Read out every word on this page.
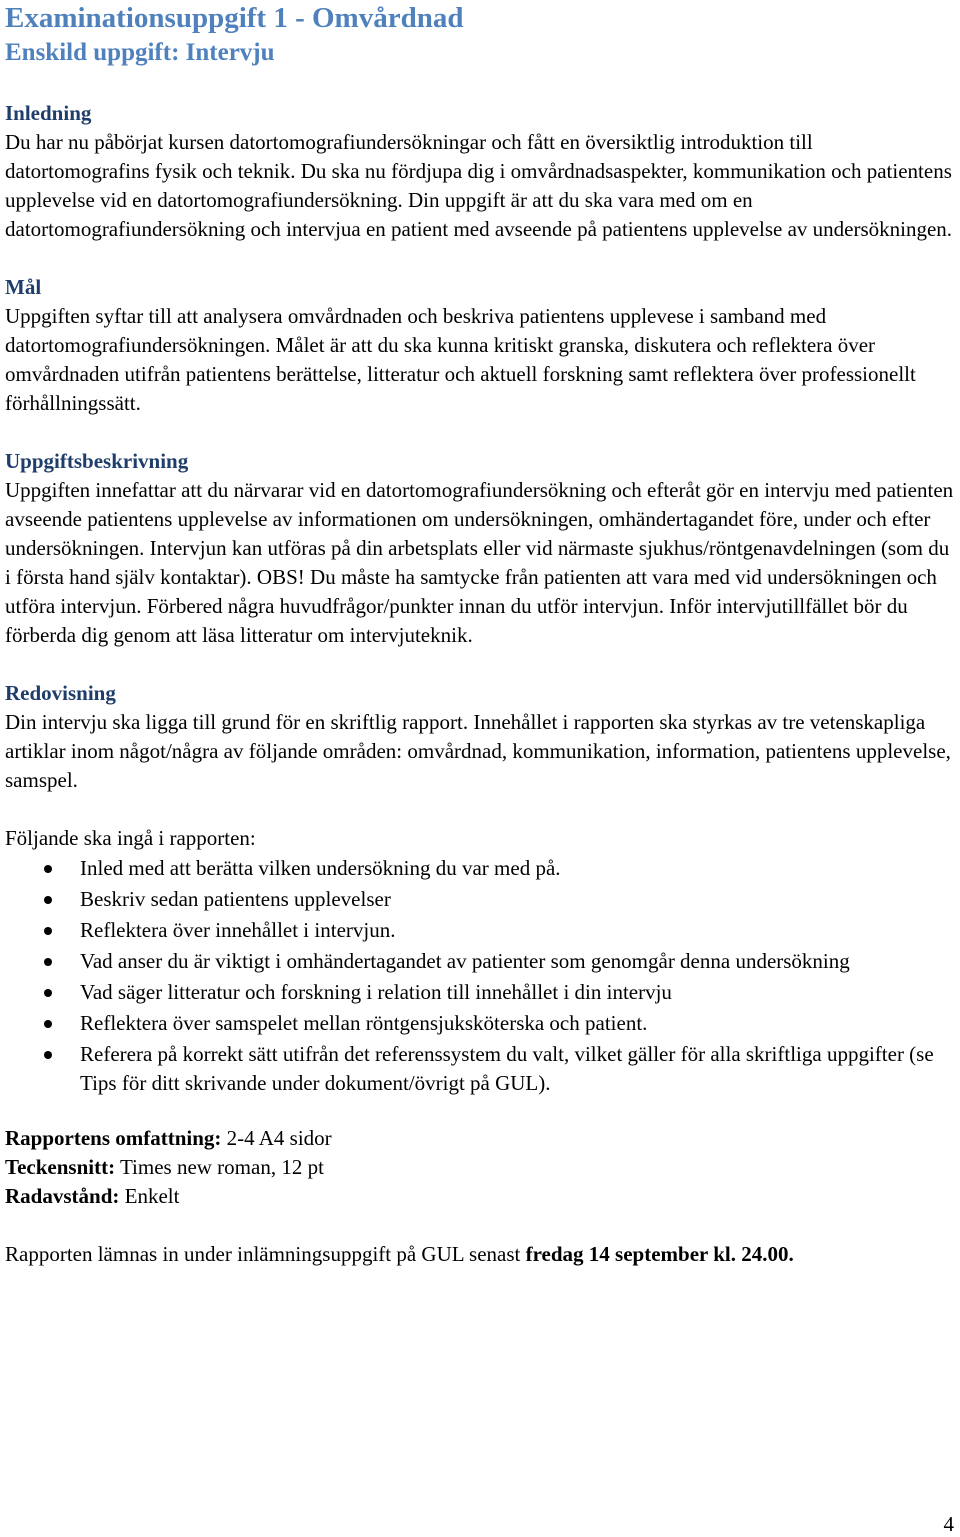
Examinationsuppgift 1 - Omvårdnad
Enskild uppgift: Intervju
Inledning

Du har nu påbörjat kursen datortomografiundersökningar och fått en översiktlig introduktion till datortomografins fysik och teknik. Du ska nu fördjupa dig i omvårdnadsaspekter, kommunikation och patientens upplevelse vid en datortomografiundersökning. Din uppgift är att du ska vara med om en datortomografiundersökning och intervjua en patient med avseende på patientens upplevelse av undersökningen.

Mål

Uppgiften syftar till att analysera omvårdnaden och beskriva patientens upplevese i samband med datortomografiundersökningen. Målet är att du ska kunna kritiskt granska, diskutera och reflektera över omvårdnaden utifrån patientens berättelse, litteratur och aktuell forskning samt reflektera över professionellt förhållningssätt.

Uppgiftsbeskrivning

Uppgiften innefattar att du närvarar vid en datortomografiundersökning och efteråt gör en intervju med patienten avseende patientens upplevelse av informationen om undersökningen, omhändertagandet före, under och efter undersökningen. Intervjun kan utföras på din arbetsplats eller vid närmaste sjukhus/röntgenavdelningen (som du i första hand själv kontaktar). OBS! Du måste ha samtycke från patienten att vara med vid undersökningen och utföra intervjun. Förbered några huvudfrågor/punkter innan du utför intervjun. Inför intervjutillfället bör du förberda dig genom att läsa litteratur om intervjuteknik.

Redovisning

Din intervju ska ligga till grund för en skriftlig rapport. Innehållet i rapporten ska styrkas av tre vetenskapliga artiklar inom något/några av följande områden: omvårdnad, kommunikation, information, patientens upplevelse, samspel.

Följande ska ingå i rapporten:

Inled med att berätta vilken undersökning du var med på.
Beskriv sedan patientens upplevelser
Reflektera över innehållet i intervjun.
Vad anser du är viktigt i omhändertagandet av patienter som genomgår denna undersökning
Vad säger litteratur och forskning i relation till innehållet i din intervju
Reflektera över samspelet mellan röntgensjuksköterska och patient.
Referera på korrekt sätt utifrån det referenssystem du valt, vilket gäller för alla skriftliga uppgifter (se Tips för ditt skrivande under dokument/övrigt på GUL).
Rapportens omfattning: 2-4 A4 sidor
Teckensnitt: Times new roman, 12 pt
Radavstånd: Enkelt
Rapporten lämnas in under inlämningsuppgift på GUL senast fredag 14 september kl. 24.00.
4
